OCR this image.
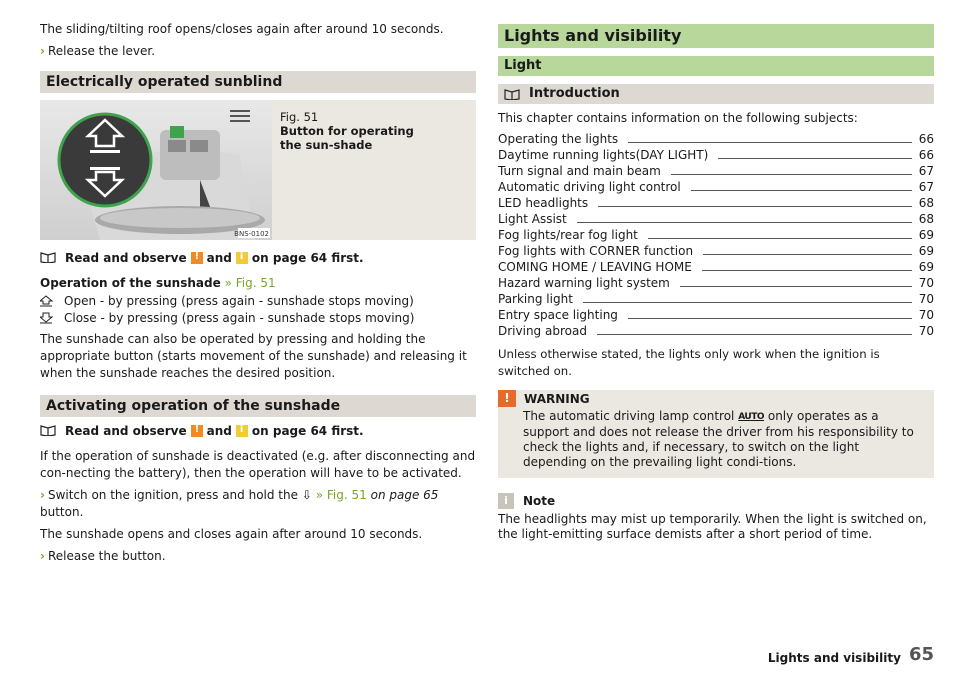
The sliding/tilting roof opens/closes again after around 10 seconds.

› Release the lever.

Electrically operated sunblind
BNS-0102
Fig. 51
Button for operating the sun-shade
Read and observe ! and i on page 64 first.

Operation of the sunshade » Fig. 51

Open - by pressing (press again - sunshade stops moving)
Close - by pressing (press again - sunshade stops moving)

The sunshade can also be operated by pressing and holding the appropriate button (starts movement of the sunshade) and releasing it when the sunshade reaches the desired position.

Activating operation of the sunshade
Read and observe ! and i on page 64 first.

If the operation of sunshade is deactivated (e.g. after disconnecting and con-necting the battery), then the operation will have to be activated.

› Switch on the ignition, press and hold the ⇩ » Fig. 51 on page 65 button.

The sunshade opens and closes again after around 10 seconds.

› Release the button.

Lights and visibility
Light
Introduction

This chapter contains information on the following subjects:

Operating the lights	66
Daytime running lights(DAY LIGHT)	66
Turn signal and main beam	67
Automatic driving light control	67
LED headlights	68
Light Assist	68
Fog lights/rear fog light	69
Fog lights with CORNER function	69
COMING HOME / LEAVING HOME	69
Hazard warning light system	70
Parking light	70
Entry space lighting	70
Driving abroad	70

Unless otherwise stated, the lights only work when the ignition is switched on.

!	WARNING
The automatic driving lamp control AUTO only operates as a support and does not release the driver from his responsibility to check the lights and, if necessary, to switch on the light depending on the prevailing light condi-tions.
i	Note

The headlights may mist up temporarily. When the light is switched on, the light-emitting surface demists after a short period of time.

Lights and visibility 65
